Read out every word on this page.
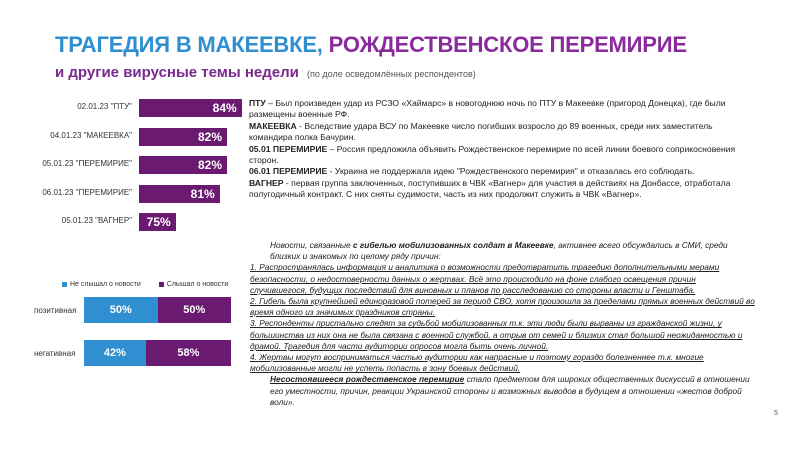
ТРАГЕДИЯ В МАКЕЕВКЕ, РОЖДЕСТВЕНСКОЕ ПЕРЕМИРИЕ
и другие вирусные темы недели (по доле осведомлённых респондентов)
02.01.23 "ПТУ"	84%
04.01.23 "МАКЕЕВКА"	82%
05.01.23 "ПЕРЕМИРИЕ"	82%
06.01.23 "ПЕРЕМИРИЕ"	81%
05.01.23 "ВАГНЕР" 75%
Не слышал о новости	Слышал о новости
позитивная	50%	50%
негативная	42%	58%

ПТУ – Был произведен удар из РСЗО «Хаймарс» в новогоднюю ночь по ПТУ в Макеевке (пригород Донецка), где были размещены военные РФ.

МАКЕЕВКА - Вследствие удара ВСУ по Макеевке число погибших возросло до 89 военных, среди них заместитель командира полка Бачурин.

05.01 ПЕРЕМИРИЕ – Россия предложила объявить Рождественское перемирие по всей линии боевого соприкосновения сторон.

06.01 ПЕРЕМИРИЕ - Украина не поддержала идею "Рождественского перемирия" и отказалась его соблюдать.

ВАГНЕР - первая группа заключенных, поступивших в ЧВК «Вагнер» для участия в действиях на Донбассе, отработала полугодичный контракт. С них сняты судимости, часть из них продолжит служить в ЧВК «Вагнер».

Новости, связанные с гибелью мобилизованных солдат в Макеевке, активнее всего обсуждались в СМИ, среди близких и знакомых по целому ряду причин:

1. Распространялась информация и аналитика о возможности предотвратить трагедию дополнительными мерами безопасности, о недостоверности данных о жертвах. Всё это происходило на фоне слабого освещения причин случившегося, будущих последствий для виновных и планов по расследованию со стороны власти и Генштаба.

2. Гибель была крупнейшей единоразовой потерей за период СВО, хотя произошла за пределами прямых военных действий во время одного из значимых праздников страны.

3. Респонденты пристально следят за судьбой мобилизованных т.к. эти люди были вырваны из гражданской жизни, у большинства из них она не была связана с военной службой, а отрыв от семей и близких стал большой неожиданностью и драмой. Трагедия для части аудитории опросов могла быть очень личной.

4. Жертвы могут восприниматься частью аудитории как напрасные и поэтому гораздо болезненнее т.к. многие мобилизованные могли не успеть попасть в зону боевых действий.

Несостоявшееся рождественское перемирие стало предметом для широких общественных дискуссий в отношении его уместности, причин, реакции Украинской стороны и возможных выводов в будущем в отношении «жестов доброй воли».

5
